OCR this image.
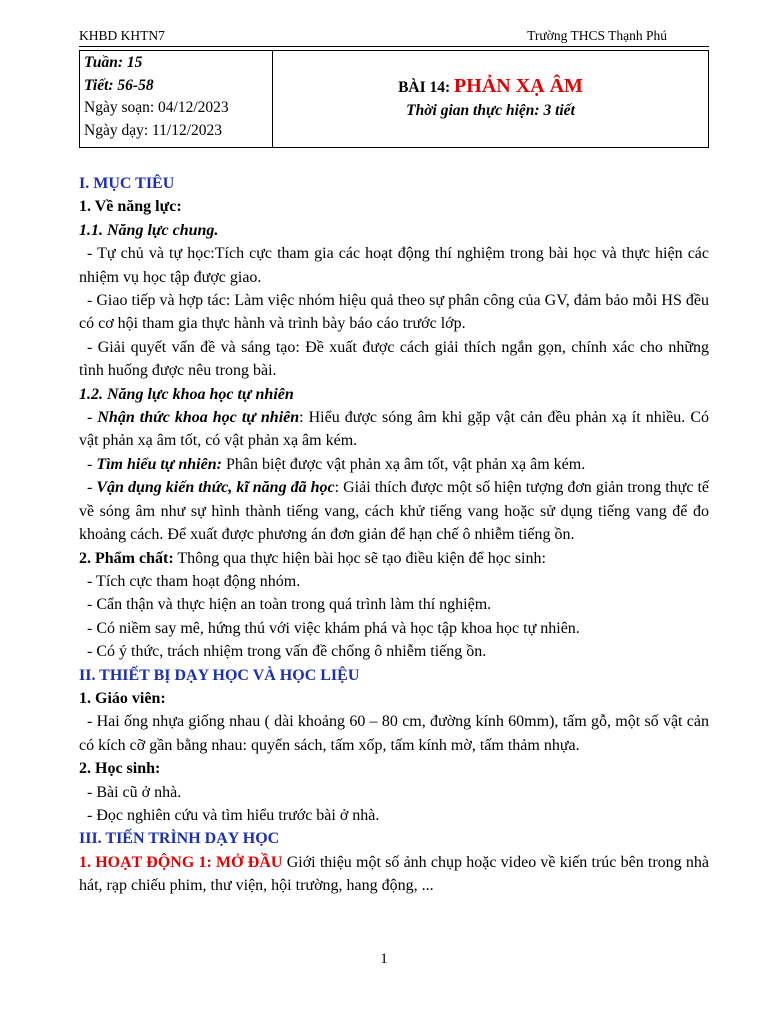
KHBD KHTN7	Trường THCS Thạnh Phú
Tuần: 15
Tiết: 56-58
Ngày soạn: 04/12/2023
Ngày dạy: 11/12/2023
BÀI 14: PHẢN XẠ ÂM
Thời gian thực hiện: 3 tiết

I. MỤC TIÊU

1. Về năng lực:

1.1. Năng lực chung.

- Tự chủ và tự học:Tích cực tham gia các hoạt động thí nghiệm trong bài học và thực hiện các nhiệm vụ học tập được giao.

- Giao tiếp và hợp tác: Làm việc nhóm hiệu quả theo sự phân công của GV, đảm bảo mỗi HS đều có cơ hội tham gia thực hành và trình bày báo cáo trước lớp.

- Giải quyết vấn đề và sáng tạo: Đề xuất được cách giải thích ngắn gọn, chính xác cho những tình huống được nêu trong bài.

1.2. Năng lực khoa học tự nhiên

- Nhận thức khoa học tự nhiên: Hiểu được sóng âm khi gặp vật cản đều phản xạ ít nhiều. Có vật phản xạ âm tốt, có vật phản xạ âm kém.

- Tìm hiểu tự nhiên: Phân biệt được vật phản xạ âm tốt, vật phản xạ âm kém.

- Vận dụng kiến thức, kĩ năng đã học: Giải thích được một số hiện tượng đơn giản trong thực tế về sóng âm như sự hình thành tiếng vang, cách khử tiếng vang hoặc sử dụng tiếng vang để đo khoảng cách. Để xuất được phương án đơn giản để hạn chế ô nhiễm tiếng ồn.

2. Phẩm chất: Thông qua thực hiện bài học sẽ tạo điều kiện để học sinh:

- Tích cực tham hoạt động nhóm.

- Cẩn thận và thực hiện an toàn trong quá trình làm thí nghiệm.

- Có niềm say mê, hứng thú với việc khám phá và học tập khoa học tự nhiên.

- Có ý thức, trách nhiệm trong vấn đề chống ô nhiễm tiếng ồn.

II. THIẾT BỊ DẠY HỌC VÀ HỌC LIỆU

1. Giáo viên:

- Hai ống nhựa giống nhau ( dài khoảng 60 – 80 cm, đường kính 60mm), tấm gỗ, một số vật cản có kích cỡ gần bằng nhau: quyển sách, tấm xốp, tấm kính mờ, tấm thảm nhựa.

2. Học sinh:

- Bài cũ ở nhà.

- Đọc nghiên cứu và tìm hiểu trước bài ở nhà.

III. TIẾN TRÌNH DẠY HỌC

1. HOẠT ĐỘNG 1: MỞ ĐẦU Giới thiệu một số ảnh chụp hoặc video về kiến trúc bên trong nhà hát, rạp chiếu phim, thư viện, hội trường, hang động, ...

1
